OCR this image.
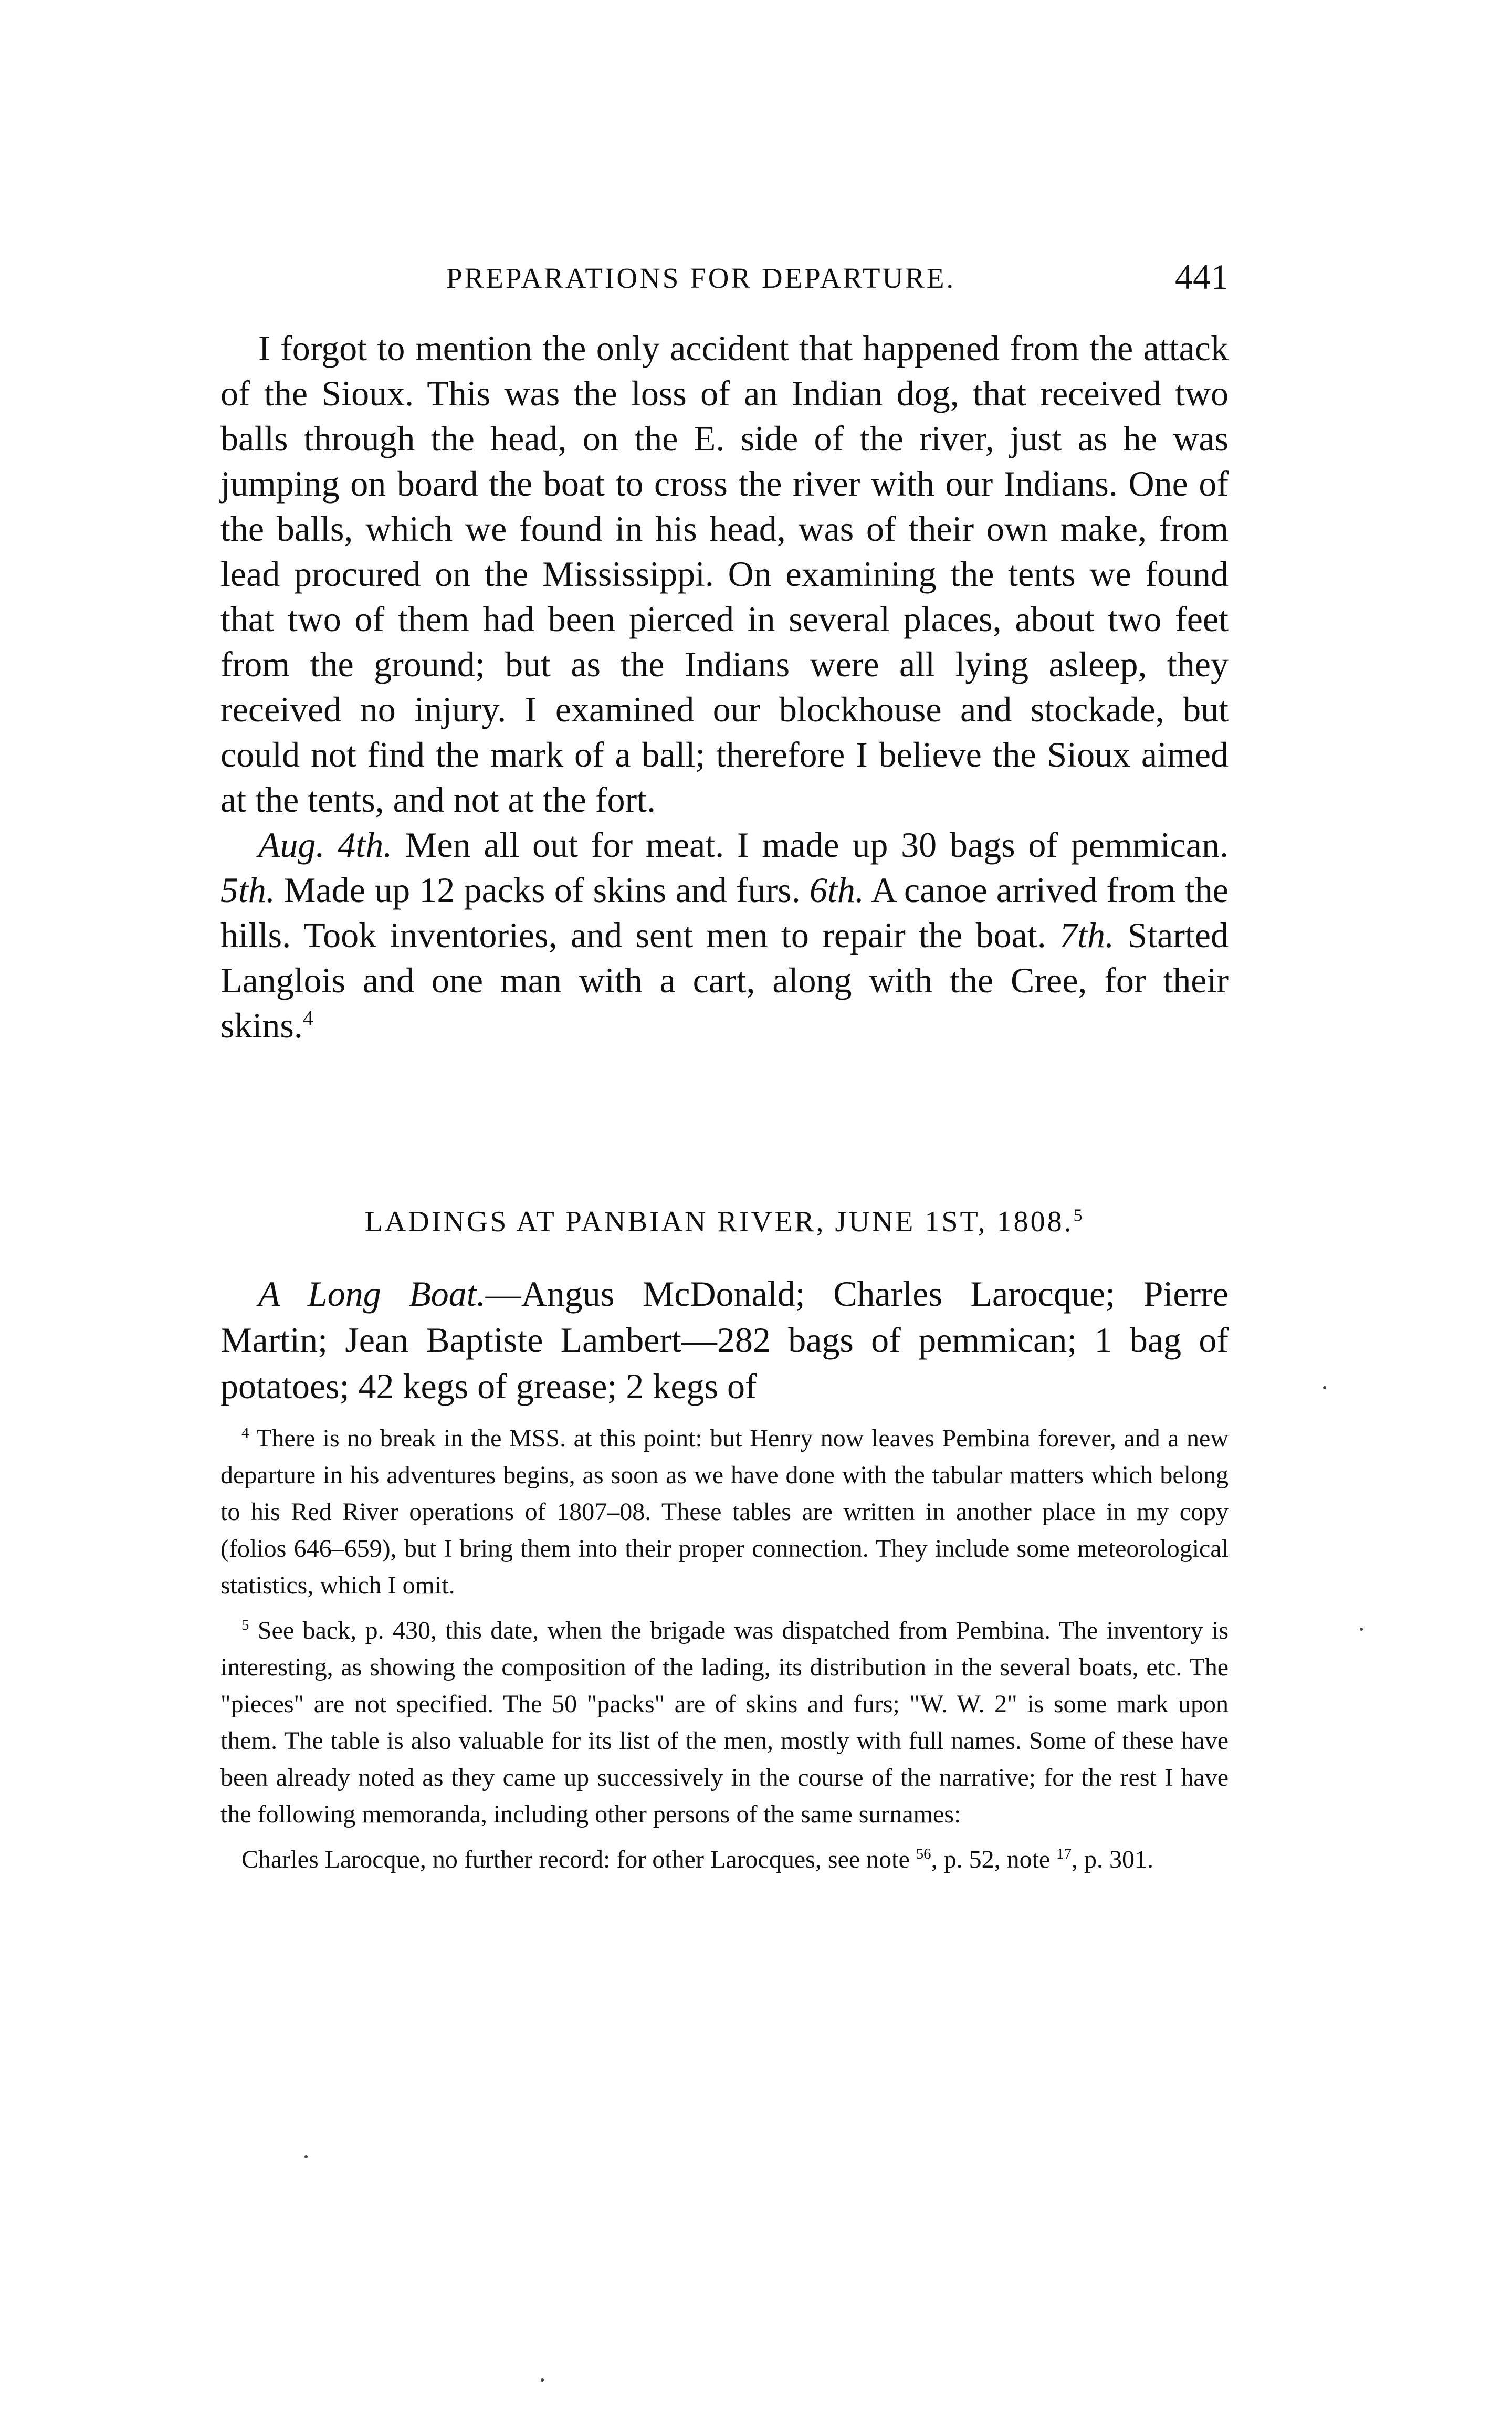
PREPARATIONS FOR DEPARTURE.	441

I forgot to mention the only accident that happened from the attack of the Sioux. This was the loss of an Indian dog, that received two balls through the head, on the E. side of the river, just as he was jumping on board the boat to cross the river with our Indians. One of the balls, which we found in his head, was of their own make, from lead procured on the Mississippi. On examining the tents we found that two of them had been pierced in several places, about two feet from the ground; but as the Indians were all lying asleep, they received no injury. I examined our blockhouse and stockade, but could not find the mark of a ball; therefore I believe the Sioux aimed at the tents, and not at the fort.

Aug. 4th. Men all out for meat. I made up 30 bags of pemmican. 5th. Made up 12 packs of skins and furs. 6th. A canoe arrived from the hills. Took inventories, and sent men to repair the boat. 7th. Started Langlois and one man with a cart, along with the Cree, for their skins.$^4$

LADINGS AT PANBIAN RIVER, JUNE 1ST, 1808.$^5$

A Long Boat.—Angus McDonald; Charles Larocque; Pierre Martin; Jean Baptiste Lambert—282 bags of pemmican; 1 bag of potatoes; 42 kegs of grease; 2 kegs of

$^4$ There is no break in the MSS. at this point: but Henry now leaves Pembina forever, and a new departure in his adventures begins, as soon as we have done with the tabular matters which belong to his Red River operations of 1807–08. These tables are written in another place in my copy (folios 646–659), but I bring them into their proper connection. They include some meteorological statistics, which I omit.

$^5$ See back, p. 430, this date, when the brigade was dispatched from Pembina. The inventory is interesting, as showing the composition of the lading, its distribution in the several boats, etc. The "pieces" are not specified. The 50 "packs" are of skins and furs; "W. W. 2" is some mark upon them. The table is also valuable for its list of the men, mostly with full names. Some of these have been already noted as they came up successively in the course of the narrative; for the rest I have the following memoranda, including other persons of the same surnames:

Charles Larocque, no further record: for other Larocques, see note $^{56}$, p. 52, note $^{17}$, p. 301.
